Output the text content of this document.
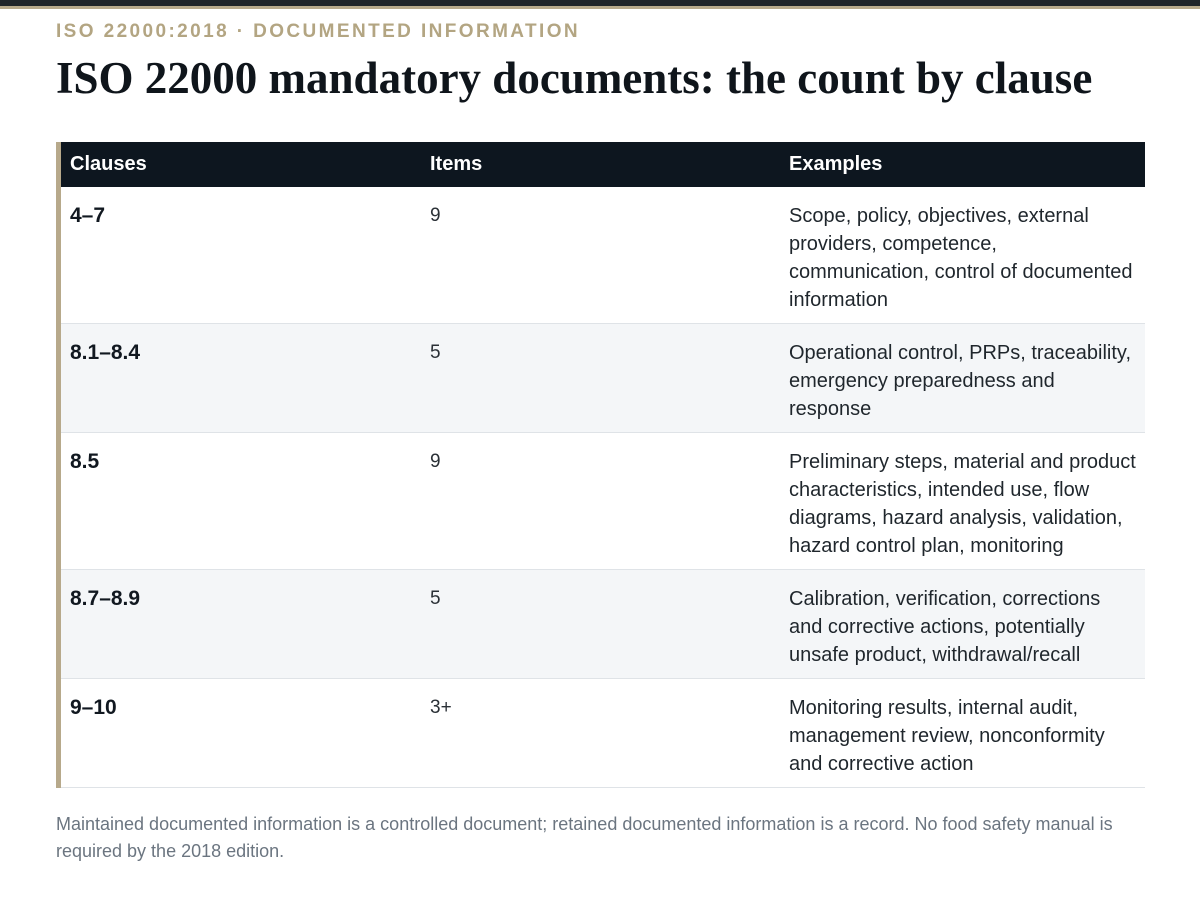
ISO 22000:2018 · DOCUMENTED INFORMATION
ISO 22000 mandatory documents: the count by clause
Clauses	Items	Examples
4–7	9	Scope, policy, objectives, external providers, competence, communication, control of documented information
8.1–8.4	5	Operational control, PRPs, traceability, emergency preparedness and response
8.5	9	Preliminary steps, material and product characteristics, intended use, flow diagrams, hazard analysis, validation, hazard control plan, monitoring
8.7–8.9	5	Calibration, verification, corrections and corrective actions, potentially unsafe product, withdrawal/recall
9–10	3+	Monitoring results, internal audit, management review, nonconformity and corrective action

Maintained documented information is a controlled document; retained documented information is a record. No food safety manual is required by the 2018 edition.
